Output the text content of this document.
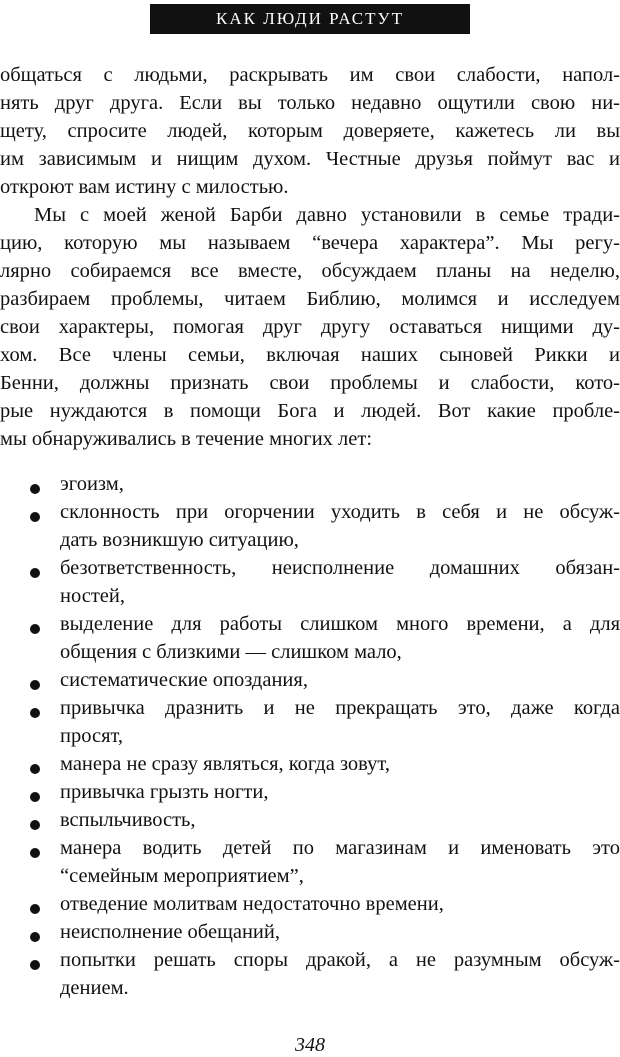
КАК ЛЮДИ РАСТУТ
общаться с людьми, раскрывать им свои слабости, напол-
нять друг друга. Если вы только недавно ощутили свою ни-
щету, спросите людей, которым доверяете, кажетесь ли вы
им зависимым и нищим духом. Честные друзья поймут вас и
откроют вам истину с милостью.
Мы с моей женой Барби давно установили в семье тради-
цию, которую мы называем “вечера характера”. Мы регу-
лярно собираемся все вместе, обсуждаем планы на неделю,
разбираем проблемы, читаем Библию, молимся и исследуем
свои характеры, помогая друг другу оставаться нищими ду-
хом. Все члены семьи, включая наших сыновей Рикки и
Бенни, должны признать свои проблемы и слабости, кото-
рые нуждаются в помощи Бога и людей. Вот какие пробле-
мы обнаруживались в течение многих лет:
эгоизм,
склонность при огорчении уходить в себя и не обсуж-
дать возникшую ситуацию,
безответственность, неисполнение домашних обязан-
ностей,
выделение для работы слишком много времени, а для
общения с близкими — слишком мало,
систематические опоздания,
привычка дразнить и не прекращать это, даже когда
просят,
манера не сразу являться, когда зовут,
привычка грызть ногти,
вспыльчивость,
манера водить детей по магазинам и именовать это
“семейным мероприятием”,
отведение молитвам недостаточно времени,
неисполнение обещаний,
попытки решать споры дракой, а не разумным обсуж-
дением.
348
